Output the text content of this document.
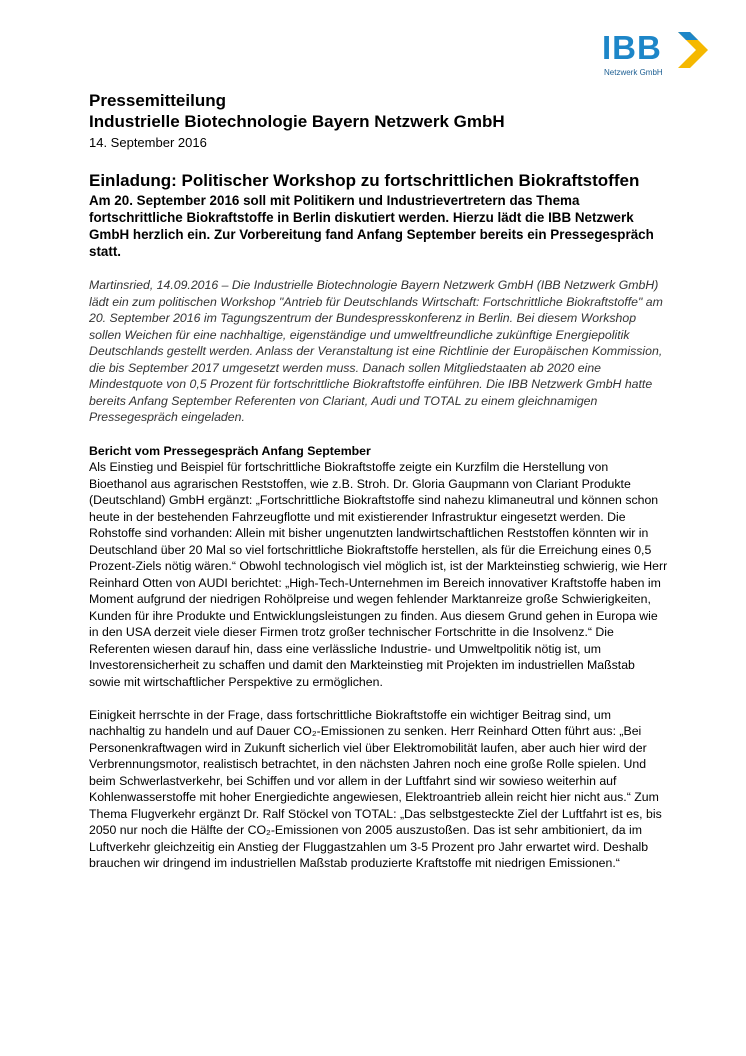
IBB
Netzwerk GmbH

Pressemitteilung

Industrielle Biotechnologie Bayern Netzwerk GmbH

14. September 2016

Einladung: Politischer Workshop zu fortschrittlichen Biokraftstoffen

Am 20. September 2016 soll mit Politikern und Industrievertretern das Thema fortschrittliche Biokraftstoffe in Berlin diskutiert werden. Hierzu lädt die IBB Netzwerk GmbH herzlich ein. Zur Vorbereitung fand Anfang September bereits ein Pressegespräch statt.

Martinsried, 14.09.2016 – Die Industrielle Biotechnologie Bayern Netzwerk GmbH (IBB Netzwerk GmbH) lädt ein zum politischen Workshop "Antrieb für Deutschlands Wirtschaft: Fortschrittliche Biokraftstoffe" am 20. September 2016 im Tagungszentrum der Bundespresskonferenz in Berlin. Bei diesem Workshop sollen Weichen für eine nachhaltige, eigenständige und umweltfreundliche zukünftige Energiepolitik Deutschlands gestellt werden. Anlass der Veranstaltung ist eine Richtlinie der Europäischen Kommission, die bis September 2017 umgesetzt werden muss. Danach sollen Mitgliedstaaten ab 2020 eine Mindestquote von 0,5 Prozent für fortschrittliche Biokraftstoffe einführen. Die IBB Netzwerk GmbH hatte bereits Anfang September Referenten von Clariant, Audi und TOTAL zu einem gleichnamigen Pressegespräch eingeladen.

Bericht vom Pressegespräch Anfang September

Als Einstieg und Beispiel für fortschrittliche Biokraftstoffe zeigte ein Kurzfilm die Herstellung von Bioethanol aus agrarischen Reststoffen, wie z.B. Stroh. Dr. Gloria Gaupmann von Clariant Produkte (Deutschland) GmbH ergänzt: „Fortschrittliche Biokraftstoffe sind nahezu klimaneutral und können schon heute in der bestehenden Fahrzeugflotte und mit existierender Infrastruktur eingesetzt werden. Die Rohstoffe sind vorhanden: Allein mit bisher ungenutzten landwirtschaftlichen Reststoffen könnten wir in Deutschland über 20 Mal so viel fortschrittliche Biokraftstoffe herstellen, als für die Erreichung eines 0,5 Prozent-Ziels nötig wären.“ Obwohl technologisch viel möglich ist, ist der Markteinstieg schwierig, wie Herr Reinhard Otten von AUDI berichtet: „High-Tech-Unternehmen im Bereich innovativer Kraftstoffe haben im Moment aufgrund der niedrigen Rohölpreise und wegen fehlender Marktanreize große Schwierigkeiten, Kunden für ihre Produkte und Entwicklungsleistungen zu finden. Aus diesem Grund gehen in Europa wie in den USA derzeit viele dieser Firmen trotz großer technischer Fortschritte in die Insolvenz.“ Die Referenten wiesen darauf hin, dass eine verlässliche Industrie- und Umweltpolitik nötig ist, um Investorensicherheit zu schaffen und damit den Markteinstieg mit Projekten im industriellen Maßstab sowie mit wirtschaftlicher Perspektive zu ermöglichen.

Einigkeit herrschte in der Frage, dass fortschrittliche Biokraftstoffe ein wichtiger Beitrag sind, um nachhaltig zu handeln und auf Dauer CO₂-Emissionen zu senken. Herr Reinhard Otten führt aus: „Bei Personenkraftwagen wird in Zukunft sicherlich viel über Elektromobilität laufen, aber auch hier wird der Verbrennungsmotor, realistisch betrachtet, in den nächsten Jahren noch eine große Rolle spielen. Und beim Schwerlastverkehr, bei Schiffen und vor allem in der Luftfahrt sind wir sowieso weiterhin auf Kohlenwasserstoffe mit hoher Energiedichte angewiesen, Elektroantrieb allein reicht hier nicht aus.“ Zum Thema Flugverkehr ergänzt Dr. Ralf Stöckel von TOTAL: „Das selbstgesteckte Ziel der Luftfahrt ist es, bis 2050 nur noch die Hälfte der CO₂-Emissionen von 2005 auszustoßen. Das ist sehr ambitioniert, da im Luftverkehr gleichzeitig ein Anstieg der Fluggastzahlen um 3-5 Prozent pro Jahr erwartet wird. Deshalb brauchen wir dringend im industriellen Maßstab produzierte Kraftstoffe mit niedrigen Emissionen.“
